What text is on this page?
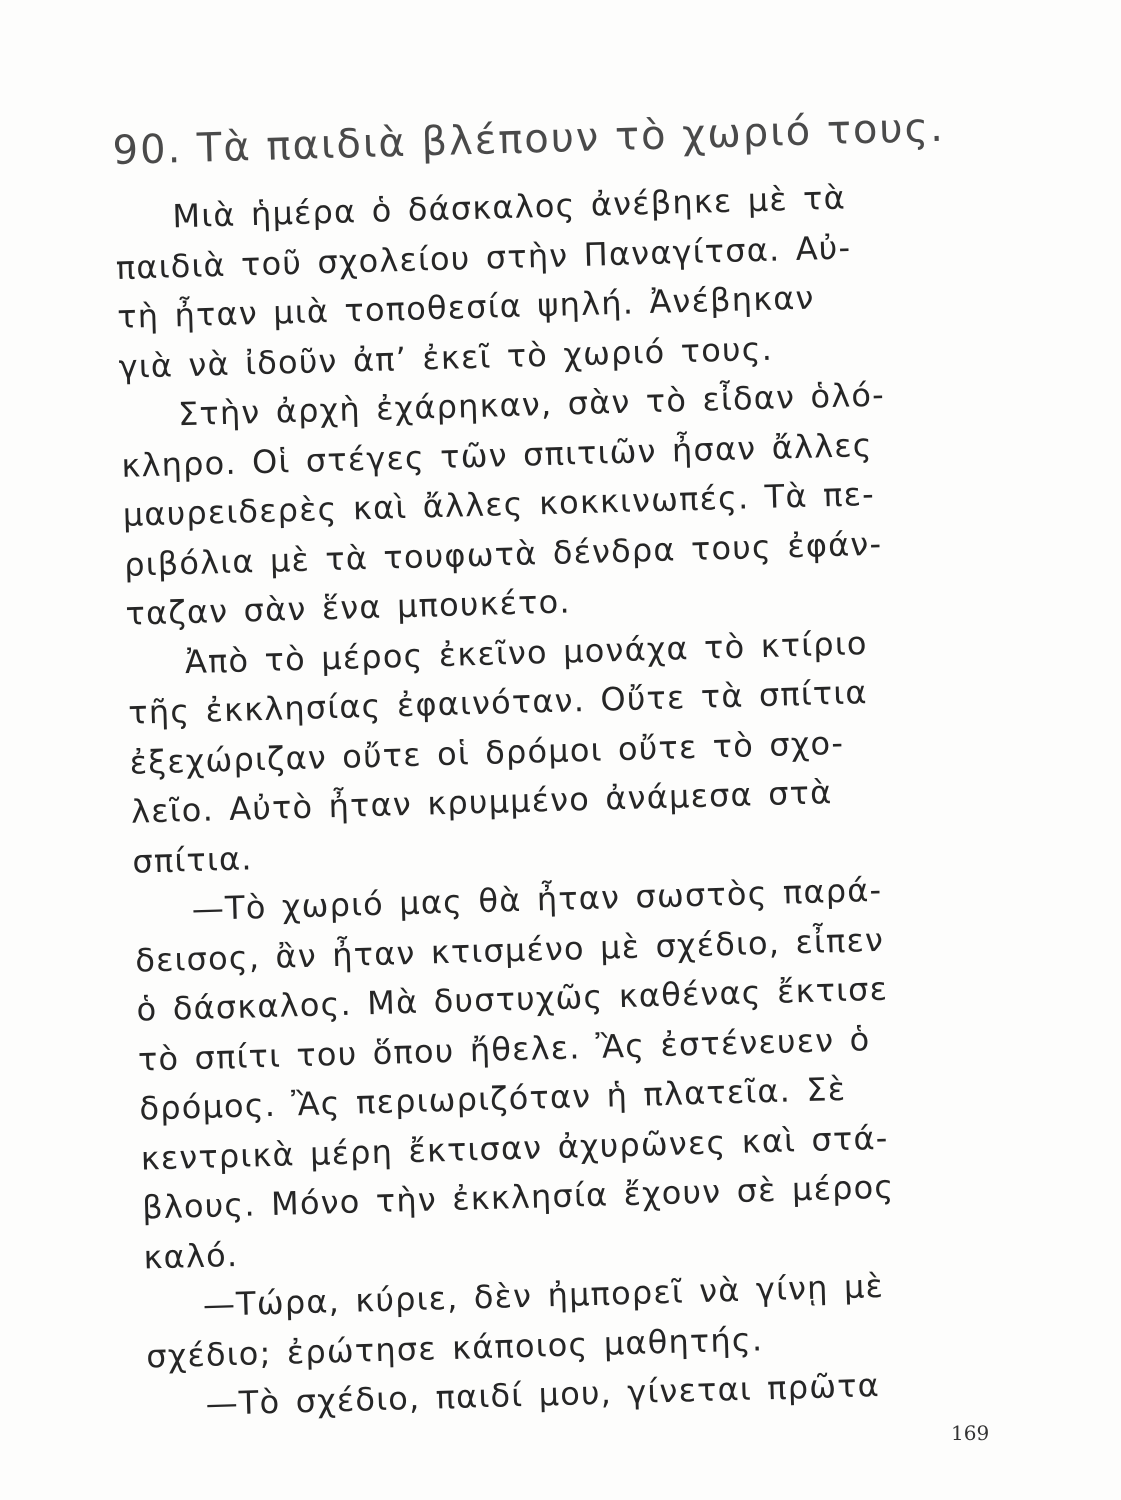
90. Τὰ παιδιὰ βλέπουν τὸ χωριό τους.
Μιὰ ἡμέρα ὁ δάσκαλος ἀνέβηκε μὲ τὰ
παιδιὰ τοῦ σχολείου στὴν Παναγίτσα. Αὐ-
τὴ ἦταν μιὰ τοποθεσία ψηλή. Ἀνέβηκαν
γιὰ νὰ ἰδοῦν ἀπ’ ἐκεῖ τὸ χωριό τους.
Στὴν ἀρχὴ ἐχάρηκαν, σὰν τὸ εἶδαν ὁλό-
κληρο. Οἱ στέγες τῶν σπιτιῶν ἦσαν ἄλλες
μαυρειδερὲς καὶ ἄλλες κοκκινωπές. Τὰ πε-
ριβόλια μὲ τὰ τουφωτὰ δένδρα τους ἐφάν-
ταζαν σὰν ἕνα μπουκέτο.
Ἀπὸ τὸ μέρος ἐκεῖνο μονάχα τὸ κτίριο
τῆς ἐκκλησίας ἐφαινόταν. Οὔτε τὰ σπίτια
ἐξεχώριζαν οὔτε οἱ δρόμοι οὔτε τὸ σχο-
λεῖο. Αὐτὸ ἦταν κρυμμένο ἀνάμεσα στὰ
σπίτια.
—Τὸ χωριό μας θὰ ἦταν σωστὸς παρά-
δεισος, ἂν ἦταν κτισμένο μὲ σχέδιο, εἶπεν
ὁ δάσκαλος. Μὰ δυστυχῶς καθένας ἔκτισε
τὸ σπίτι του ὅπου ἤθελε. Ἂς ἐστένευεν ὁ
δρόμος. Ἂς περιωριζόταν ἡ πλατεῖα. Σὲ
κεντρικὰ μέρη ἔκτισαν ἀχυρῶνες καὶ στά-
βλους. Μόνο τὴν ἐκκλησία ἔχουν σὲ μέρος
καλό.
—Τώρα, κύριε, δὲν ἠμπορεῖ νὰ γίνῃ μὲ
σχέδιο; ἐρώτησε κάποιος μαθητής.
—Τὸ σχέδιο, παιδί μου, γίνεται πρῶτα
169
